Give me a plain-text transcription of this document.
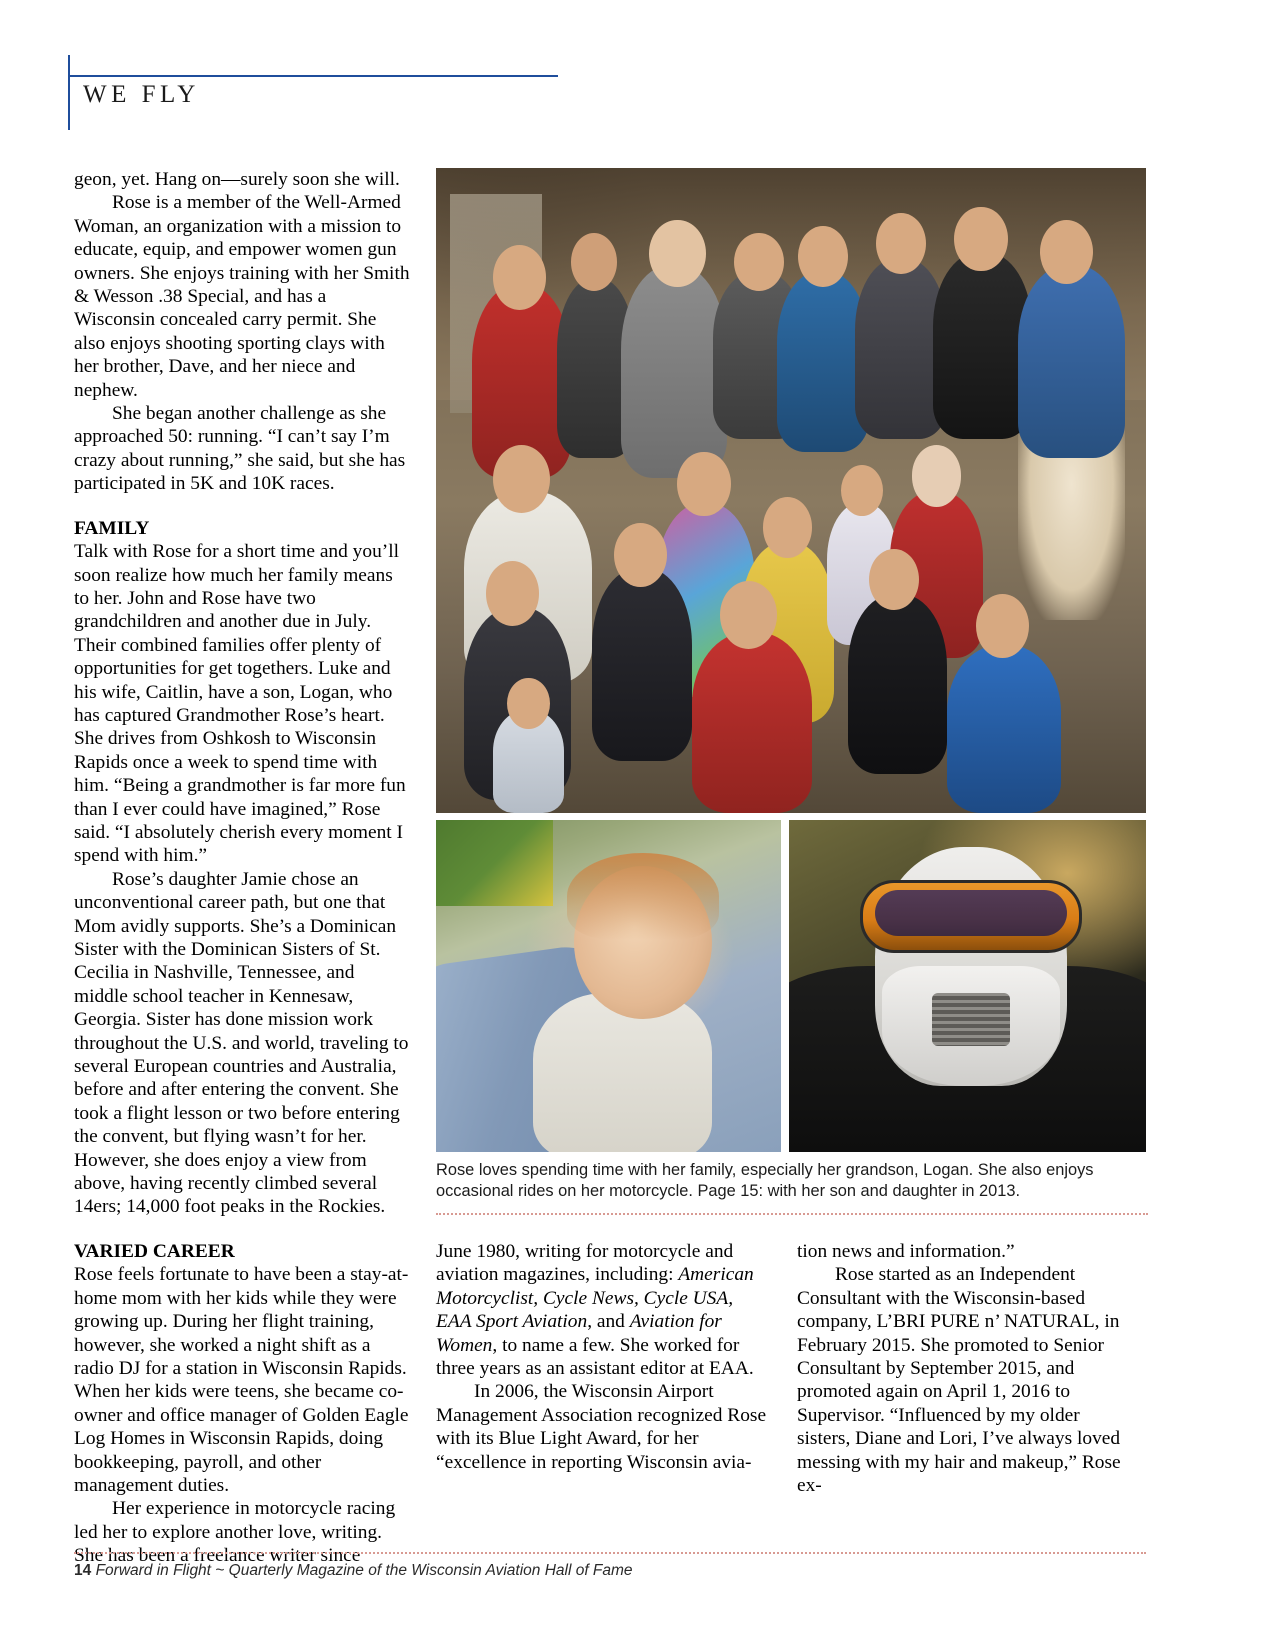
WE FLY

geon, yet. Hang on—surely soon she will.

Rose is a member of the Well-Armed Woman, an organization with a mission to educate, equip, and empower women gun owners. She enjoys training with her Smith & Wesson .38 Special, and has a Wisconsin concealed carry permit. She also enjoys shooting sporting clays with her brother, Dave, and her niece and nephew.

She began another challenge as she approached 50: running. “I can’t say I’m crazy about running,” she said, but she has participated in 5K and 10K races.

FAMILY

Talk with Rose for a short time and you’ll soon realize how much her family means to her. John and Rose have two grandchildren and another due in July. Their combined families offer plenty of opportunities for get togethers. Luke and his wife, Caitlin, have a son, Logan, who has captured Grandmother Rose’s heart. She drives from Oshkosh to Wisconsin Rapids once a week to spend time with him. “Being a grandmother is far more fun than I ever could have imagined,” Rose said. “I absolutely cherish every moment I spend with him.”

Rose’s daughter Jamie chose an unconventional career path, but one that Mom avidly supports. She’s a Dominican Sister with the Dominican Sisters of St. Cecilia in Nashville, Tennessee, and middle school teacher in Kennesaw, Georgia. Sister has done mission work throughout the U.S. and world, traveling to several European countries and Australia, before and after entering the convent. She took a flight lesson or two before entering the convent, but flying wasn’t for her. However, she does enjoy a view from above, having recently climbed several 14ers; 14,000 foot peaks in the Rockies.

VARIED CAREER

Rose feels fortunate to have been a stay-at-home mom with her kids while they were growing up. During her flight training, however, she worked a night shift as a radio DJ for a station in Wisconsin Rapids. When her kids were teens, she became co-owner and office manager of Golden Eagle Log Homes in Wisconsin Rapids, doing bookkeeping, payroll, and other management duties.

Her experience in motorcycle racing led her to explore another love, writing. She has been a freelance writer since

Rose loves spending time with her family, especially her grandson, Logan. She also enjoys occasional rides on her motorcycle. Page 15: with her son and daughter in 2013.

June 1980, writing for motorcycle and aviation magazines, including: American Motorcyclist, Cycle News, Cycle USA, EAA Sport Aviation, and Aviation for Women, to name a few. She worked for three years as an assistant editor at EAA.

In 2006, the Wisconsin Airport Management Association recognized Rose with its Blue Light Award, for her “excellence in reporting Wisconsin avia-

tion news and information.”

Rose started as an Independent Consultant with the Wisconsin-based company, L’BRI PURE n’ NATURAL, in February 2015. She promoted to Senior Consultant by September 2015, and promoted again on April 1, 2016 to Supervisor. “Influenced by my older sisters, Diane and Lori, I’ve always loved messing with my hair and makeup,” Rose ex-

14 Forward in Flight ~ Quarterly Magazine of the Wisconsin Aviation Hall of Fame
